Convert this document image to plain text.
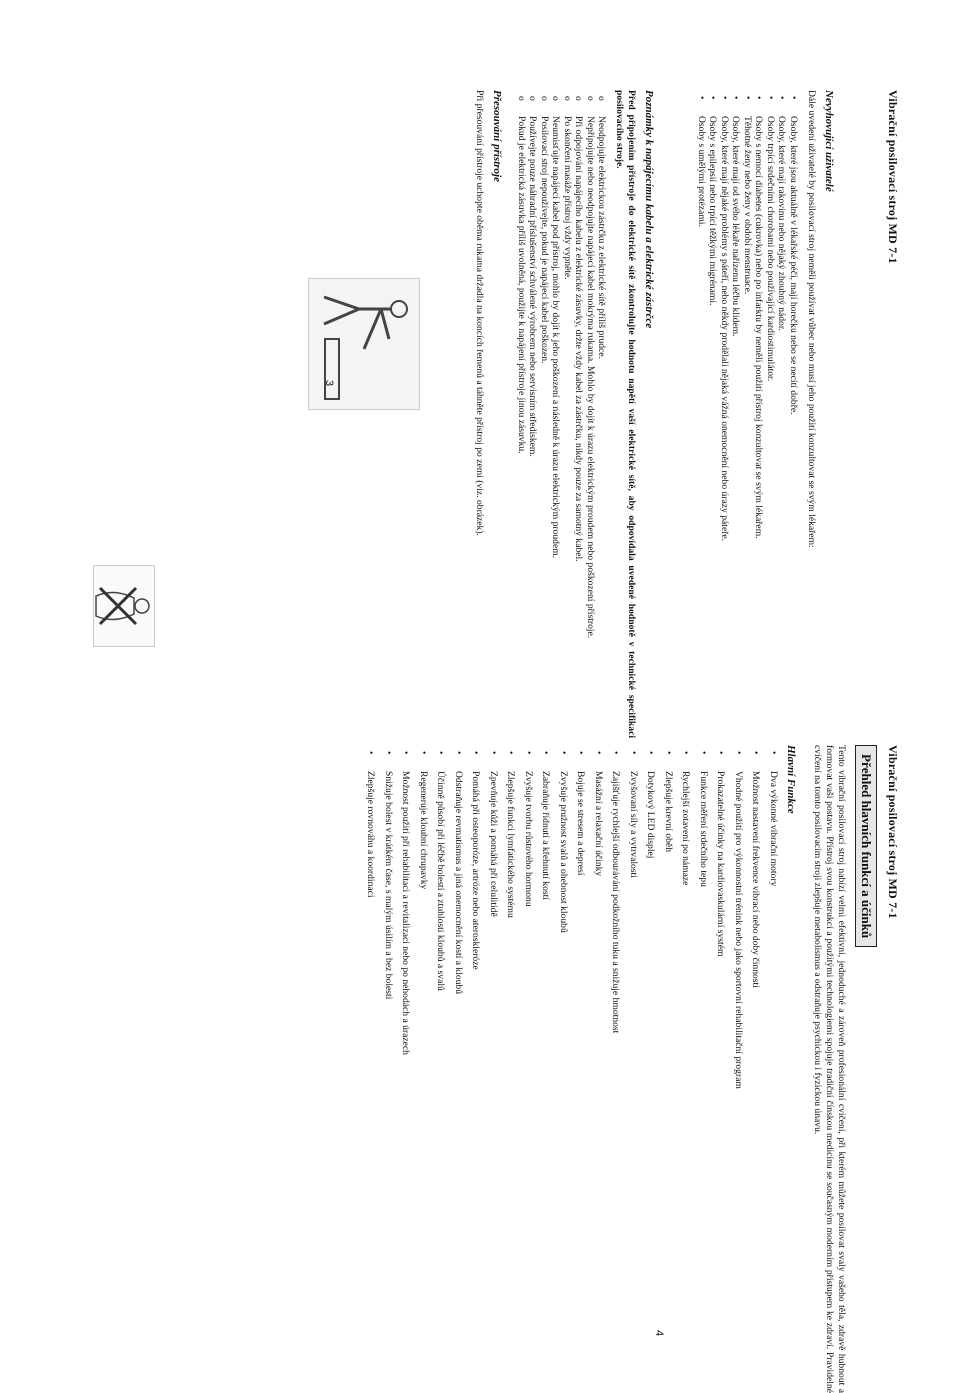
Vibrační posilovací stroj MD 7-1
Nevyhovující uživatelé

Dále uvedení uživatelé by posilovací stroj neměli používat vůbec nebo musí jeho použití konzultovat se svým lékařem:

• Osoby, které jsou aktuálně v lékařské péči, mají horečku nebo se necítí dobře.
• Osoby, které mají rakovinu nebo nějaký zhoubný nádor.
• Osoby trpící srdečními chorobami nebo používající kardiostimulátor.
• Osoby s nemocí diabetes (cukrovka) nebo po infarktu by neměli použití přístroj konzultovat se svým lékařem.
• Těhotné ženy nebo ženy v období menstruace.
• Osoby, které mají od svého lékaře nařízenu léčbu klidem.
• Osoby, které mají nějaké problémy s páteří, nebo někdy prodělali nějaká vážná onemocnění nebo úrazy páteře.
• Osoby s epilepsií nebo trpící těžkými migrénami.
• Osoby s umělými protézami.
Poznámky k napájecímu kabelu a elektrické zástrčce

Před připojením přístroje do elektrické sítě zkontrolujte hodnotu napětí vaší elektrické sítě, aby odpovídala uvedené hodnotě v technické specifikaci posilovacího stroje.

o Neodpojujte elektrickou zástrčku z elektrické sítě příliš prudce.
o Nepřipojujte nebo neodpojujte napájecí kabel mokrýma rukama. Mohlo by dojít k úrazu elektrickým proudem nebo poškození přístroje.
o Při odpojování napájecího kabelu z elektrické zásuvky, držte vždy kabel za zástrčku, nikdy pouze za samotný kabel.
o Po skončení masáže přístroj vždy vypněte.
o Neumisťujte napájecí kabel pod přístroj, mohlo by dojít k jeho poškození a následně k úrazu elektrickým proudem.
o Posilovací stroj nepoužívejte, pokud je napájecí kabel poškozen.
o Používejte pouze náhradní příslušenství schválené výrobcem nebo servisním střediskem.
o Pokud je elektrická zásuvka příliš uvolněná, použijte k napájení přístroje jinou zásuvku.
Přesouvání přístroje

Při přesouvání přístroje uchopte oběma rukama držadla na koncích řemenů a táhněte přístroj po zemi (viz. obrázek).

3
Vibrační posilovací stroj MD 7-1
Přehled hlavních funkcí a účinků

Tento vibrační posilovací stroj nabízí velmi efektivní, jednoduché a zároveň profesionální cvičení, při kterém můžete posilovat svaly vašeho těla, zdravě hubnout a formovat vaši postavu. Přístroj svou konstrukcí a použitými technologiemi spojuje tradiční čínskou medicínu se současným moderním přístupem ke zdraví. Pravidelné cvičení na tomto posilovacím stroji zlepšuje metabolismus a odstraňuje psychickou i fyzickou únavu.

Hlavní Funkce
• Dva výkonné vibrační motory
• Možnost nastavení frekvence vibrací nebo doby činnosti
• Vhodné použití pro výkonnostní trénink nebo jako sportovní rehabilitační program
• Prokazatelné účinky na kardiovaskulární systém
• Funkce měření srdečního tepu
• Rychlejší zotavení po námaze
• Zlepšuje krevní oběh
• Dotykový LED displej
• Zvyšovaní síly a vytrvalosti
• Zajišťuje rychlejší odbourávání podkožního tuku a snižuje hmotnost
• Masážní a relaxační účinky
• Bojuje se stresem a depresí
• Zvyšuje pružnost svalů a ohebnost kloubů
• Zabraňuje řídnutí a křehnutí kostí
• Zvyšuje tvorbu růstového hormonu
• Zlepšuje funkci lymfatického systému
• Zpevňuje kůži a pomáhá při celulitidě
• Pomáhá při osteoporóze, artróze nebo ateroskleróze
• Odstraňuje revmatismus a jiná onemocnění kostí a kloubů
• Účinně působí při léčbě bolestí a ztuhlosti kloubů a svalů
• Regeneruje kloubní chrupavky
• Možnost použití při rehabilitaci a revitalizaci nebo po nehodách a úrazech
• Snižuje bolest v krátkém čase, s malým úsilím a bez bolesti
• Zlepšuje rovnováhu a koordinaci
4
